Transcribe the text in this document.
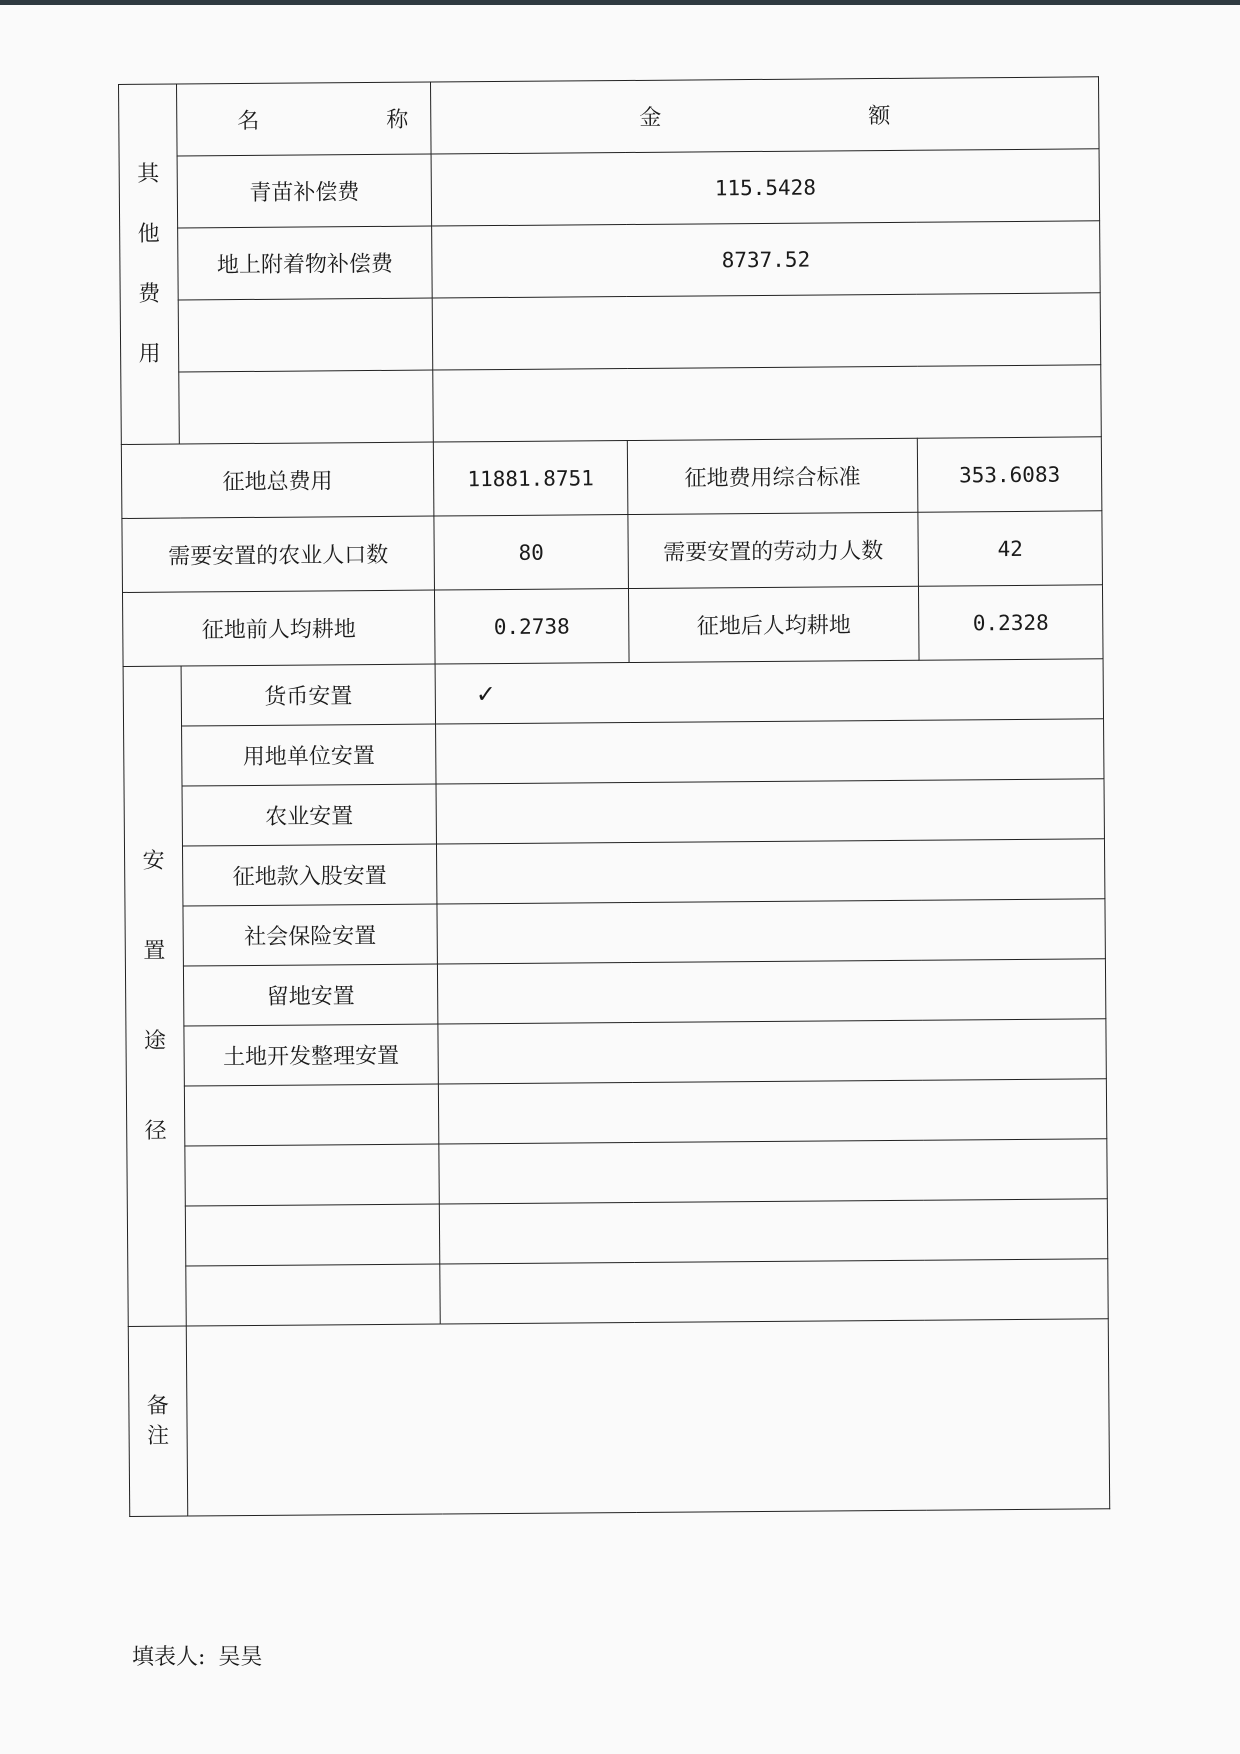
其
他
费
用	名 称	金 额		
	青苗补偿费	115.5428		
	地上附着物补偿费	8737.52		

征地总费用		11881.8751	征地费用综合标准	353.6083
需要安置的农业人口数		80	需要安置的劳动力人数	42
征地前人均耕地		0.2738	征地后人均耕地	0.2328

安
置
途
径	货币安置	✓		
	用地单位安置			
	农业安置			
	征地款入股安置			
	社会保险安置			
	留地安置			
	土地开发整理安置			

备
注				

填表人: 吴昊
